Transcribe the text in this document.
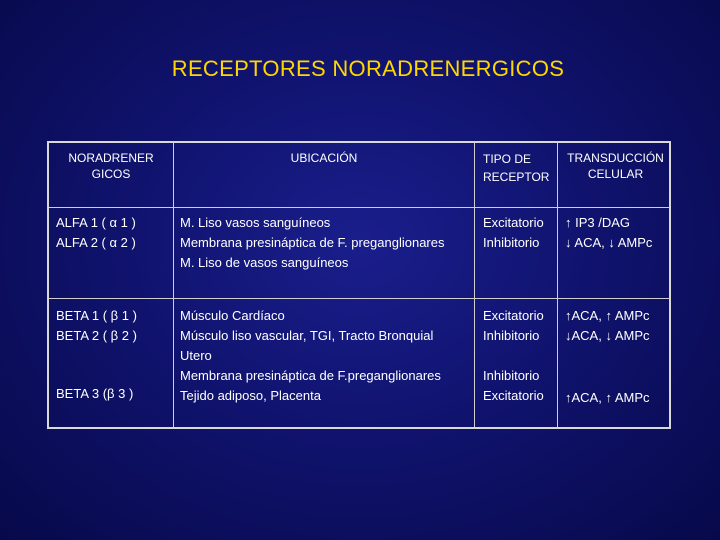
RECEPTORES NORADRENERGICOS
NORADRENER
GICOS
UBICACIÓN	TIPO DE
RECEPTOR
TRANSDUCCIÓN
CELULAR
ALFA 1 ( α 1 )
ALFA 2 ( α 2 )
M. Liso vasos sanguíneos
Membrana presináptica de F. preganglionares
M. Liso de vasos sanguíneos
Excitatorio
Inhibitorio
↑ IP3 /DAG
↓ ACA, ↓ AMPc
BETA 1 ( β 1 )
BETA 2 ( β 2 )
BETA 3 (β 3 )
Músculo Cardíaco
Músculo liso vascular, TGI, Tracto Bronquial
Utero
Membrana presináptica de F.preganglionares
Tejido adiposo, Placenta
Excitatorio
Inhibitorio
Inhibitorio
Excitatorio
↑ACA, ↑ AMPc
↓ACA, ↓ AMPc
↑ACA, ↑ AMPc
